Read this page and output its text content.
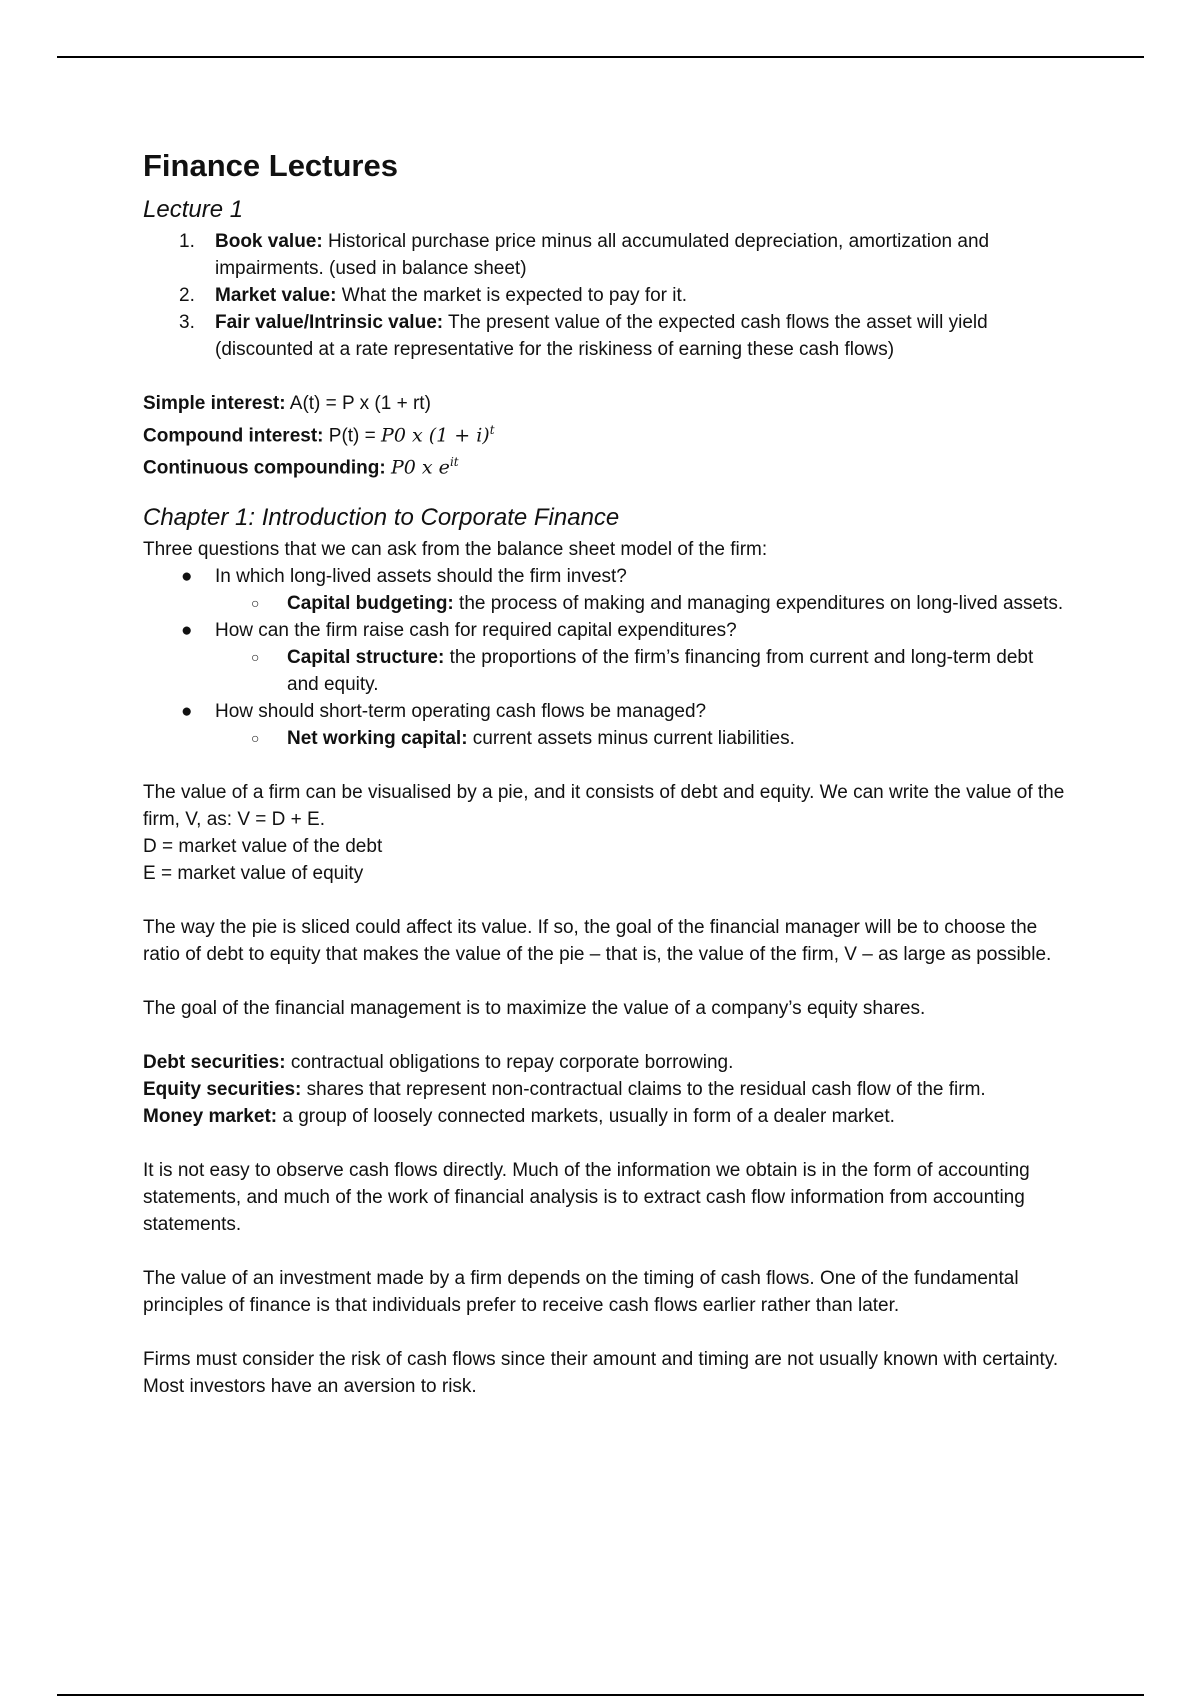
Finance Lectures
Lecture 1
1. Book value: Historical purchase price minus all accumulated depreciation, amortization and impairments. (used in balance sheet)
2. Market value: What the market is expected to pay for it.
3. Fair value/Intrinsic value: The present value of the expected cash flows the asset will yield (discounted at a rate representative for the riskiness of earning these cash flows)

Simple interest: A(t) = P x (1 + rt)

Compound interest: P(t) = P0 x $(1 + i)^t$

Continuous compounding: P0 x $e^{it}$

Chapter 1: Introduction to Corporate Finance

Three questions that we can ask from the balance sheet model of the firm:

● In which long-lived assets should the firm invest?
○ Capital budgeting: the process of making and managing expenditures on long-lived assets.
● How can the firm raise cash for required capital expenditures?
○ Capital structure: the proportions of the firm’s financing from current and long-term debt and equity.
● How should short-term operating cash flows be managed?
○ Net working capital: current assets minus current liabilities.

The value of a firm can be visualised by a pie, and it consists of debt and equity. We can write the value of the firm, V, as: V = D + E.

D = market value of the debt

E = market value of equity

The way the pie is sliced could affect its value. If so, the goal of the financial manager will be to choose the ratio of debt to equity that makes the value of the pie – that is, the value of the firm, V – as large as possible.

The goal of the financial management is to maximize the value of a company’s equity shares.

Debt securities: contractual obligations to repay corporate borrowing.

Equity securities: shares that represent non-contractual claims to the residual cash flow of the firm.

Money market: a group of loosely connected markets, usually in form of a dealer market.

It is not easy to observe cash flows directly. Much of the information we obtain is in the form of accounting statements, and much of the work of financial analysis is to extract cash flow information from accounting statements.

The value of an investment made by a firm depends on the timing of cash flows. One of the fundamental principles of finance is that individuals prefer to receive cash flows earlier rather than later.

Firms must consider the risk of cash flows since their amount and timing are not usually known with certainty. Most investors have an aversion to risk.
